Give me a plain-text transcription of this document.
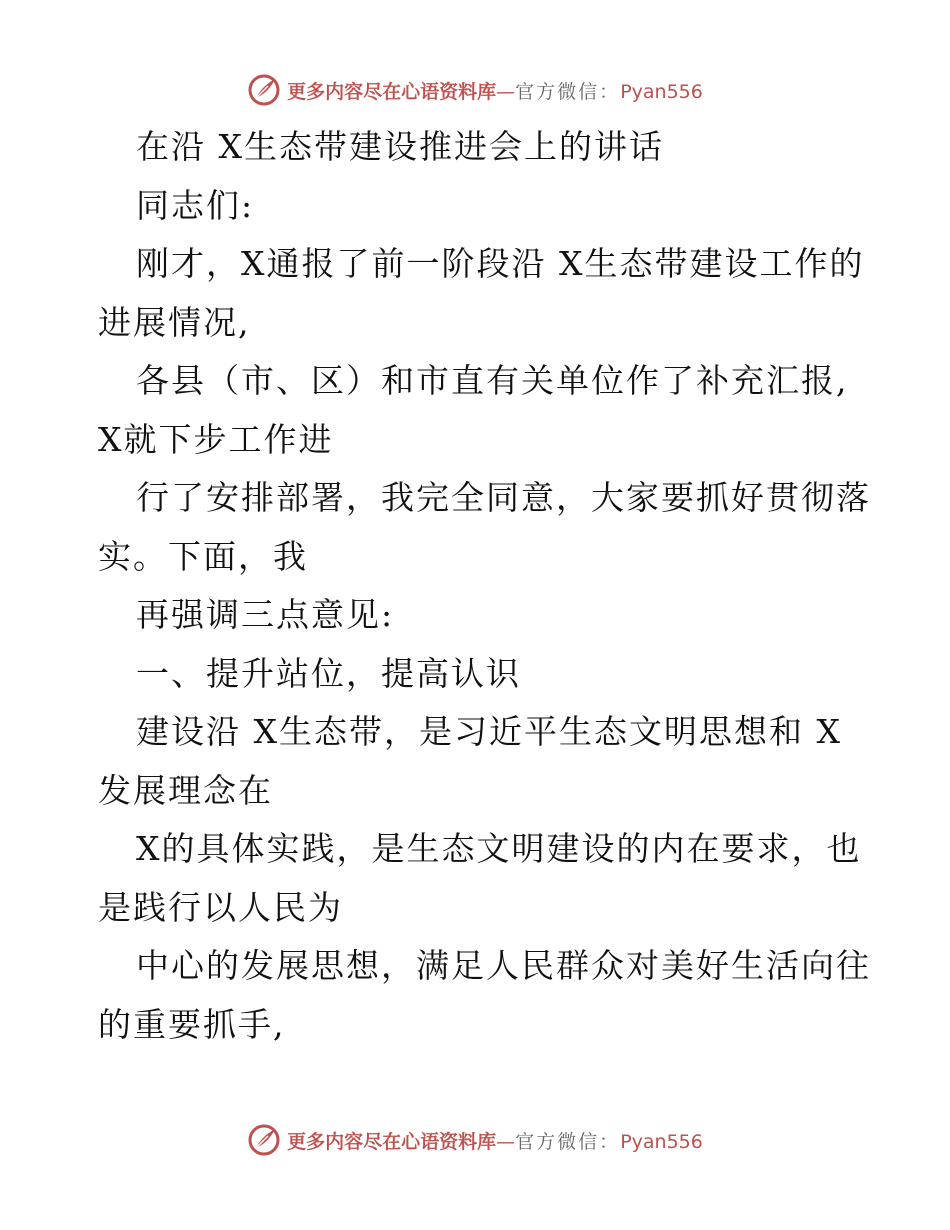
更多内容尽在心语资料库—官方微信：Pyan556
在沿 X生态带建设推进会上的讲话
同志们:
刚才，X通报了前一阶段沿 X生态带建设工作的
进展情况,
各县（市、区）和市直有关单位作了补充汇报,
X就下步工作进
行了安排部署，我完全同意，大家要抓好贯彻落
实。下面，我
再强调三点意见:
一、提升站位，提高认识
建设沿 X生态带，是习近平生态文明思想和 X
发展理念在
X的具体实践，是生态文明建设的内在要求，也
是践行以人民为
中心的发展思想，满足人民群众对美好生活向往
的重要抓手,
更多内容尽在心语资料库—官方微信：Pyan556
